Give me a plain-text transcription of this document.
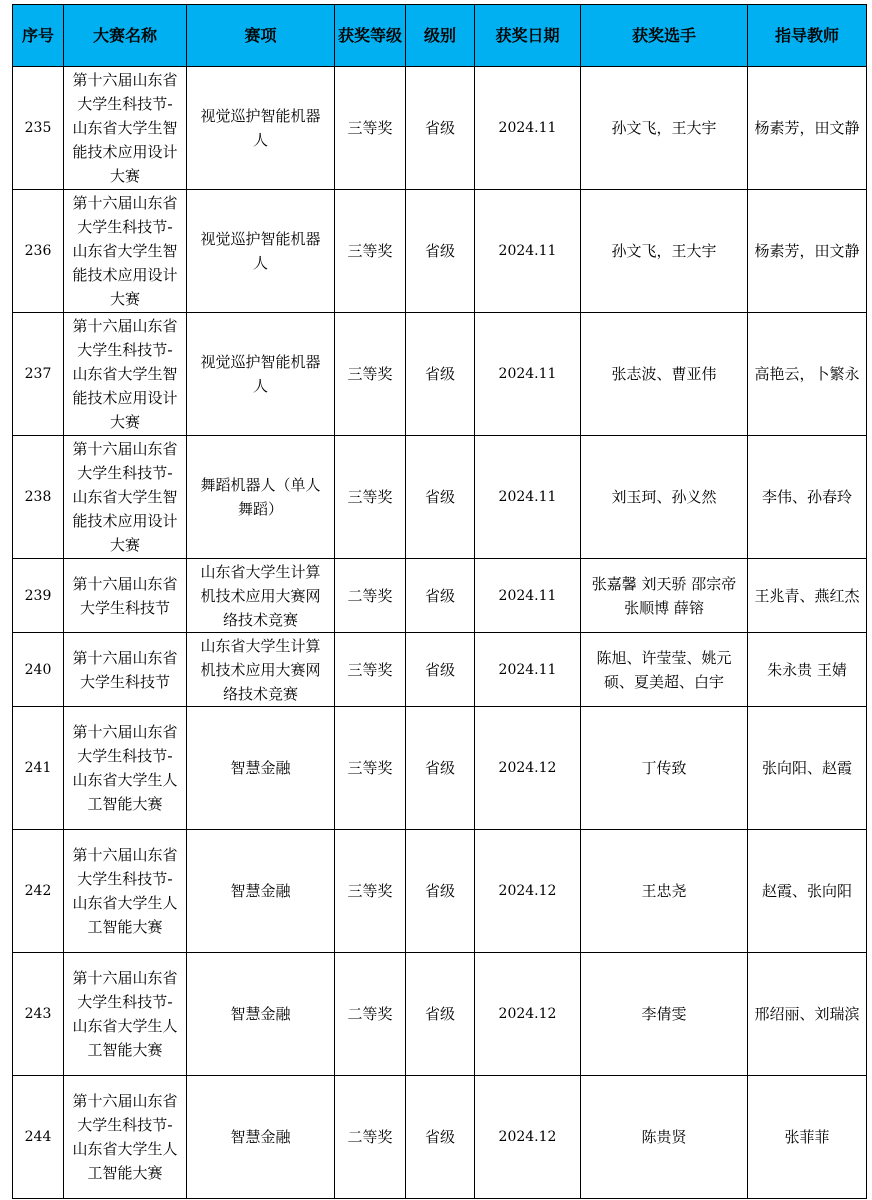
序号	大赛名称	赛项	获奖等级	级别	获奖日期	获奖选手	指导教师
235	第十六届山东省大学生科技节-山东省大学生智能技术应用设计大赛	视觉巡护智能机器人	三等奖	省级	2024.11	孙文飞，王大宇	杨素芳，田文静
236	第十六届山东省大学生科技节-山东省大学生智能技术应用设计大赛	视觉巡护智能机器人	三等奖	省级	2024.11	孙文飞，王大宇	杨素芳，田文静
237	第十六届山东省大学生科技节-山东省大学生智能技术应用设计大赛	视觉巡护智能机器人	三等奖	省级	2024.11	张志波、曹亚伟	高艳云，卜繁永
238	第十六届山东省大学生科技节-山东省大学生智能技术应用设计大赛	舞蹈机器人（单人舞蹈）	三等奖	省级	2024.11	刘玉珂、孙义然	李伟、孙春玲
239	第十六届山东省大学生科技节	山东省大学生计算机技术应用大赛网络技术竞赛	二等奖	省级	2024.11	张嘉馨 刘天骄 邵宗帝 张顺博 薛镕	王兆青、燕红杰
240	第十六届山东省大学生科技节	山东省大学生计算机技术应用大赛网络技术竞赛	三等奖	省级	2024.11	陈旭、许莹莹、姚元硕、夏美超、白宇	朱永贵 王婧
241	第十六届山东省大学生科技节-山东省大学生人工智能大赛	智慧金融	三等奖	省级	2024.12	丁传致	张向阳、赵霞
242	第十六届山东省大学生科技节-山东省大学生人工智能大赛	智慧金融	三等奖	省级	2024.12	王忠尧	赵霞、张向阳
243	第十六届山东省大学生科技节-山东省大学生人工智能大赛	智慧金融	二等奖	省级	2024.12	李倩雯	邢绍丽、刘瑞滨
244	第十六届山东省大学生科技节-山东省大学生人工智能大赛	智慧金融	二等奖	省级	2024.12	陈贵贤	张菲菲
